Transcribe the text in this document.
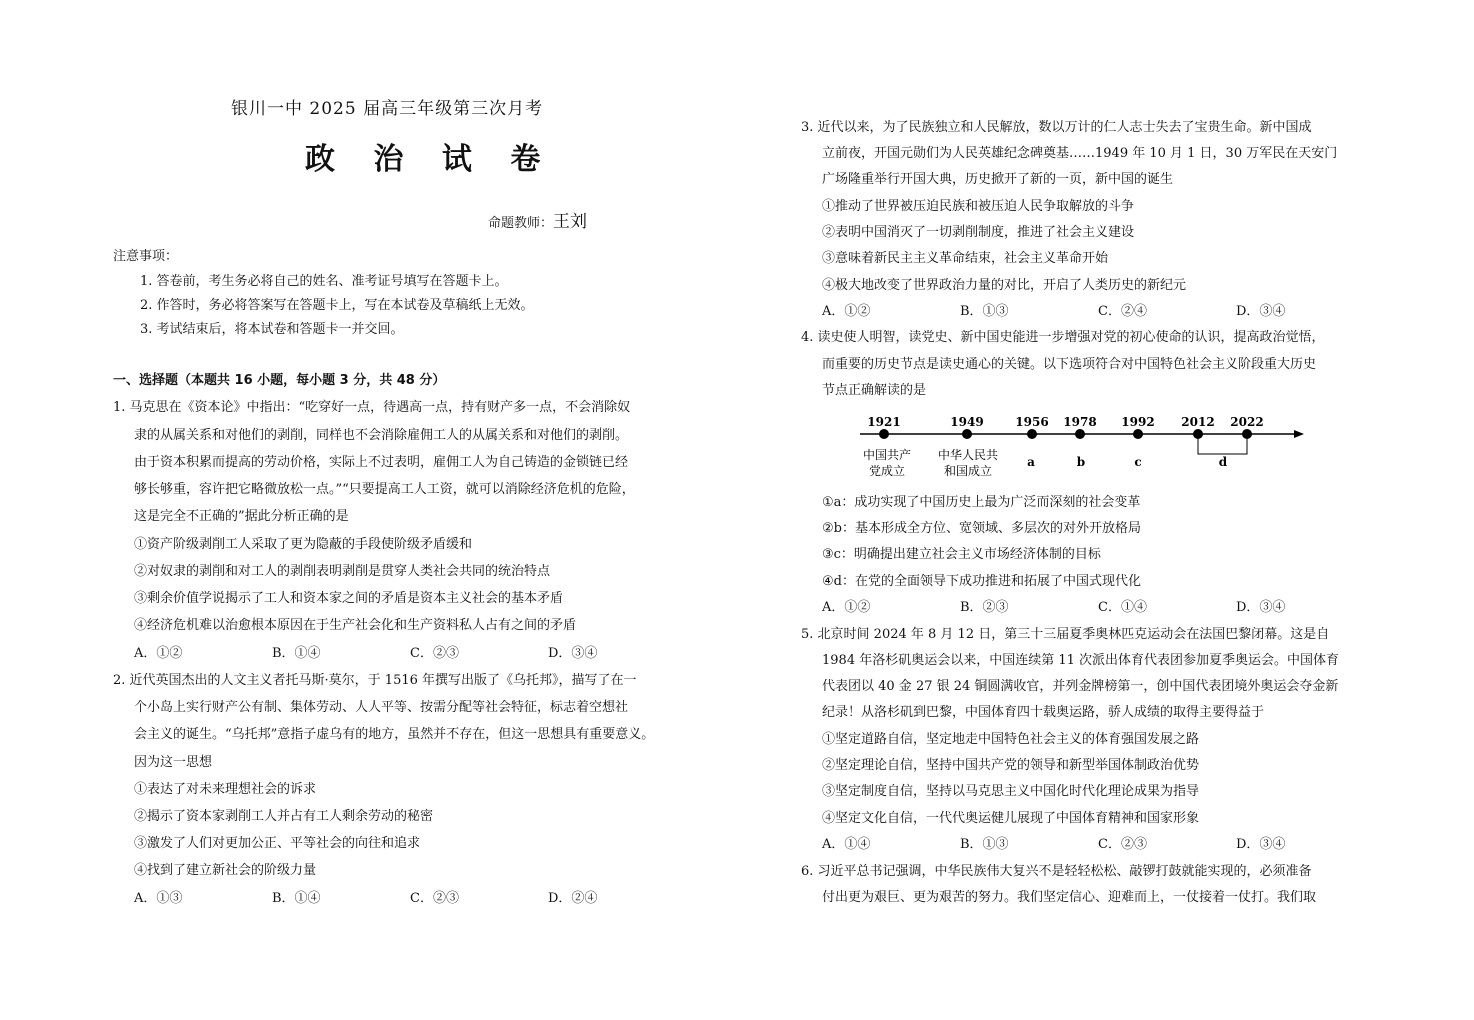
银川一中 2025 届高三年级第三次月考
政 治 试 卷
命题教师：王刘
注意事项：
1. 答卷前，考生务必将自己的姓名、准考证号填写在答题卡上。
2. 作答时，务必将答案写在答题卡上，写在本试卷及草稿纸上无效。
3. 考试结束后，将本试卷和答题卡一并交回。
一、选择题（本题共 16 小题，每小题 3 分，共 48 分）
1. 马克思在《资本论》中指出：“吃穿好一点，待遇高一点，持有财产多一点，不会消除奴
隶的从属关系和对他们的剥削，同样也不会消除雇佣工人的从属关系和对他们的剥削。
由于资本积累而提高的劳动价格，实际上不过表明，雇佣工人为自己铸造的金锁链已经
够长够重，容许把它略微放松一点。”“只要提高工人工资，就可以消除经济危机的危险，
这是完全不正确的”据此分析正确的是
①资产阶级剥削工人采取了更为隐蔽的手段使阶级矛盾缓和
②对奴隶的剥削和对工人的剥削表明剥削是贯穿人类社会共同的统治特点
③剩余价值学说揭示了工人和资本家之间的矛盾是资本主义社会的基本矛盾
④经济危机难以治愈根本原因在于生产社会化和生产资料私人占有之间的矛盾
A．①②	B．①④	C．②③	D．③④
2. 近代英国杰出的人文主义者托马斯·莫尔，于 1516 年撰写出版了《乌托邦》，描写了在一
个小岛上实行财产公有制、集体劳动、人人平等、按需分配等社会特征，标志着空想社
会主义的诞生。“乌托邦”意指子虚乌有的地方，虽然并不存在，但这一思想具有重要意义。
因为这一思想
①表达了对未来理想社会的诉求
②揭示了资本家剥削工人并占有工人剩余劳动的秘密
③激发了人们对更加公正、平等社会的向往和追求
④找到了建立新社会的阶级力量
A．①③	B．①④	C．②③	D．②④
3. 近代以来，为了民族独立和人民解放，数以万计的仁人志士失去了宝贵生命。新中国成
立前夜，开国元勋们为人民英雄纪念碑奠基……1949 年 10 月 1 日，30 万军民在天安门
广场隆重举行开国大典，历史掀开了新的一页，新中国的诞生
①推动了世界被压迫民族和被压迫人民争取解放的斗争
②表明中国消灭了一切剥削制度，推进了社会主义建设
③意味着新民主主义革命结束，社会主义革命开始
④极大地改变了世界政治力量的对比，开启了人类历史的新纪元
A．①②	B．①③	C．②④	D．③④
4. 读史使人明智，读党史、新中国史能进一步增强对党的初心使命的认识，提高政治觉悟，
而重要的历史节点是读史通心的关键。以下选项符合对中国特色社会主义阶段重大历史
节点正确解读的是
1921	1949	1956 1978 1992 2012 2022
中国共产
党成立
中华人民共
和国成立
a	b	c	d
①a：成功实现了中国历史上最为广泛而深刻的社会变革
②b：基本形成全方位、宽领域、多层次的对外开放格局
③c：明确提出建立社会主义市场经济体制的目标
④d：在党的全面领导下成功推进和拓展了中国式现代化
A．①②	B．②③	C．①④	D．③④
5. 北京时间 2024 年 8 月 12 日，第三十三届夏季奥林匹克运动会在法国巴黎闭幕。这是自
1984 年洛杉矶奥运会以来，中国连续第 11 次派出体育代表团参加夏季奥运会。中国体育
代表团以 40 金 27 银 24 铜圆满收官，并列金牌榜第一，创中国代表团境外奥运会夺金新
纪录！从洛杉矶到巴黎，中国体育四十载奥运路，骄人成绩的取得主要得益于
①坚定道路自信，坚定地走中国特色社会主义的体育强国发展之路
②坚定理论自信，坚持中国共产党的领导和新型举国体制政治优势
③坚定制度自信，坚持以马克思主义中国化时代化理论成果为指导
④坚定文化自信，一代代奥运健儿展现了中国体育精神和国家形象
A．①④	B．①③	C．②③	D．③④
6. 习近平总书记强调，中华民族伟大复兴不是轻轻松松、敲锣打鼓就能实现的，必须准备
付出更为艰巨、更为艰苦的努力。我们坚定信心、迎难而上，一仗接着一仗打。我们取
